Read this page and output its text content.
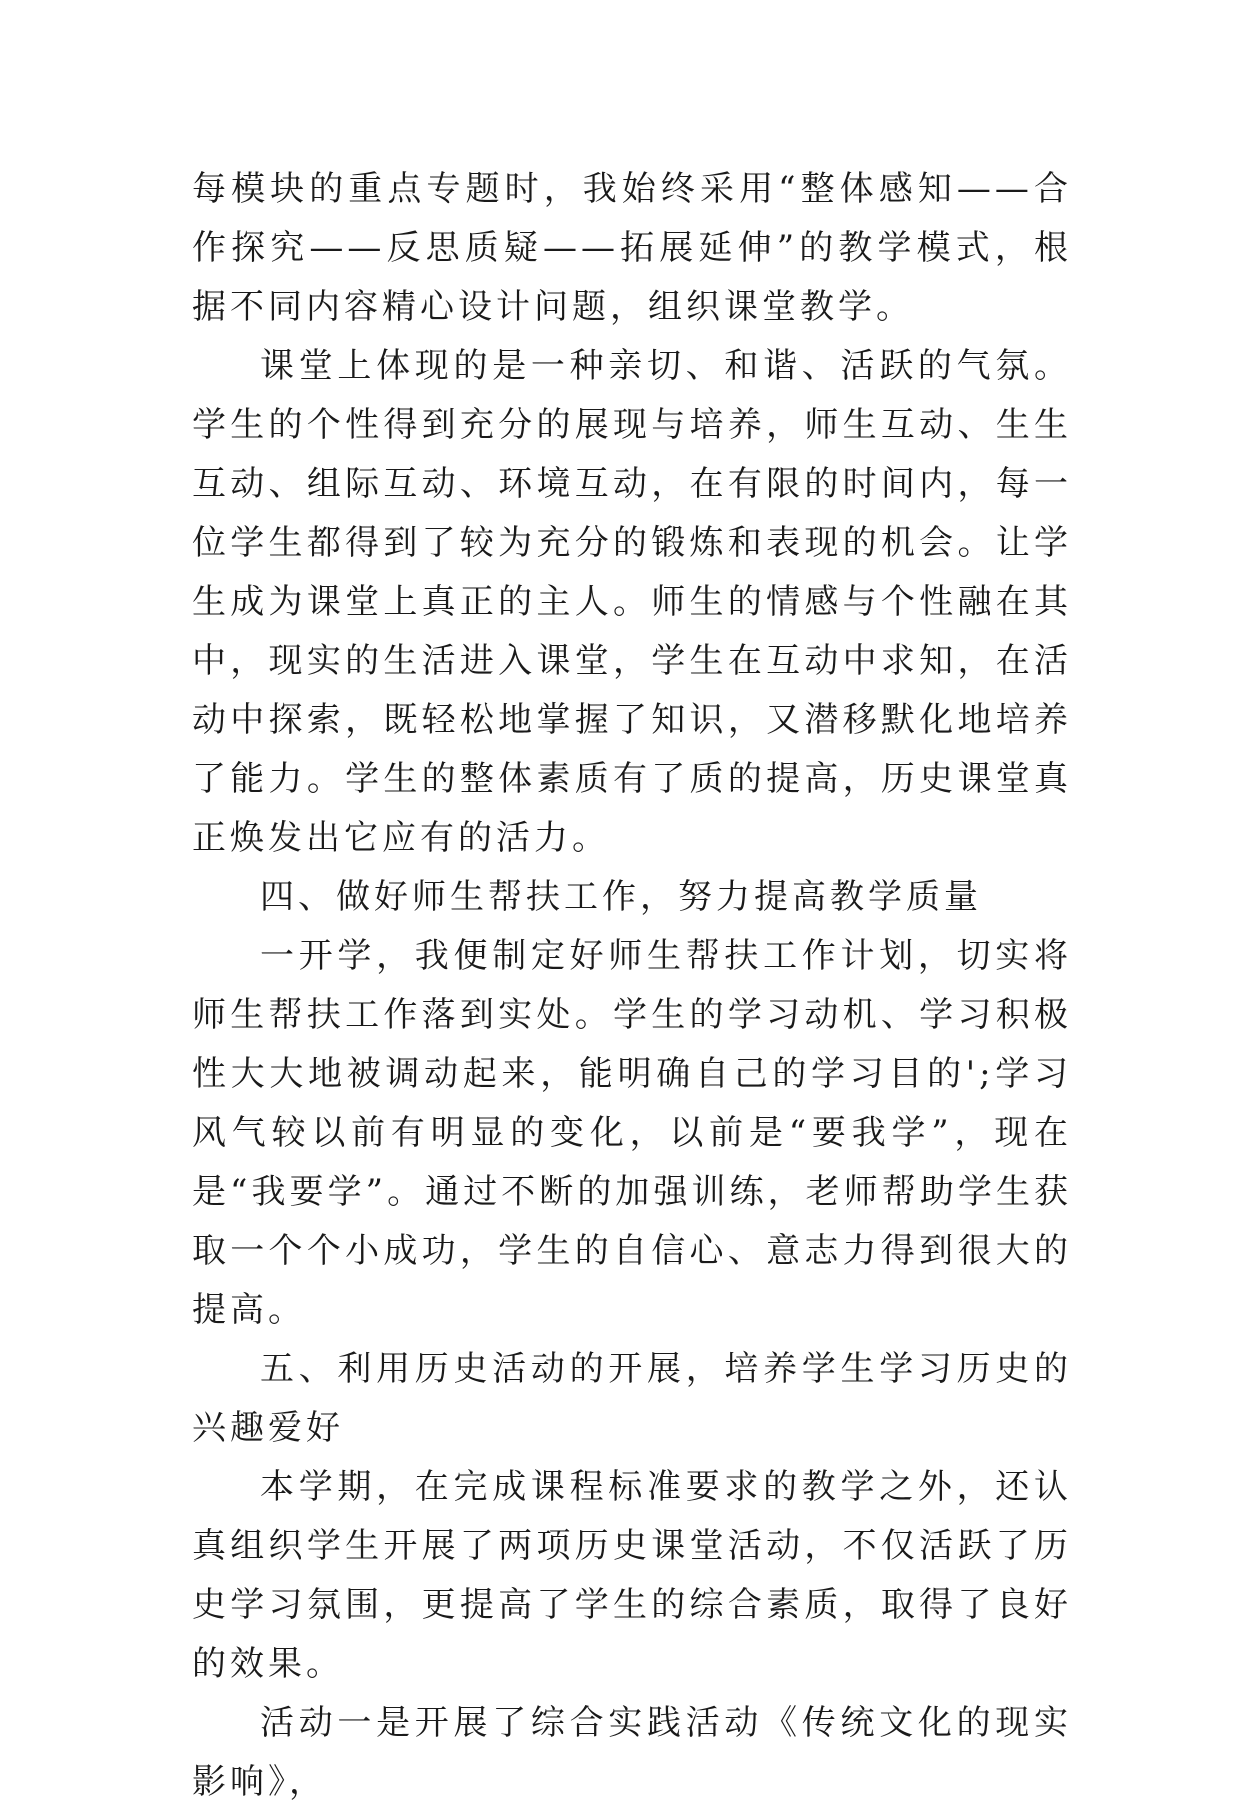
每模块的重点专题时，我始终采用“整体感知——合作探究——反思质疑——拓展延伸”的教学模式，根据不同内容精心设计问题，组织课堂教学。

课堂上体现的是一种亲切、和谐、活跃的气氛。学生的个性得到充分的展现与培养，师生互动、生生互动、组际互动、环境互动，在有限的时间内，每一位学生都得到了较为充分的锻炼和表现的机会。让学生成为课堂上真正的主人。师生的情感与个性融在其中，现实的生活进入课堂，学生在互动中求知，在活动中探索，既轻松地掌握了知识，又潜移默化地培养了能力。学生的整体素质有了质的提高，历史课堂真正焕发出它应有的活力。

四、做好师生帮扶工作，努力提高教学质量

一开学，我便制定好师生帮扶工作计划，切实将师生帮扶工作落到实处。学生的学习动机、学习积极性大大地被调动起来，能明确自己的学习目的';学习风气较以前有明显的变化，以前是“要我学”，现在是“我要学”。通过不断的加强训练，老师帮助学生获取一个个小成功，学生的自信心、意志力得到很大的提高。

五、利用历史活动的开展，培养学生学习历史的兴趣爱好

本学期，在完成课程标准要求的教学之外，还认真组织学生开展了两项历史课堂活动，不仅活跃了历史学习氛围，更提高了学生的综合素质，取得了良好的效果。

活动一是开展了综合实践活动《传统文化的现实影响》，
